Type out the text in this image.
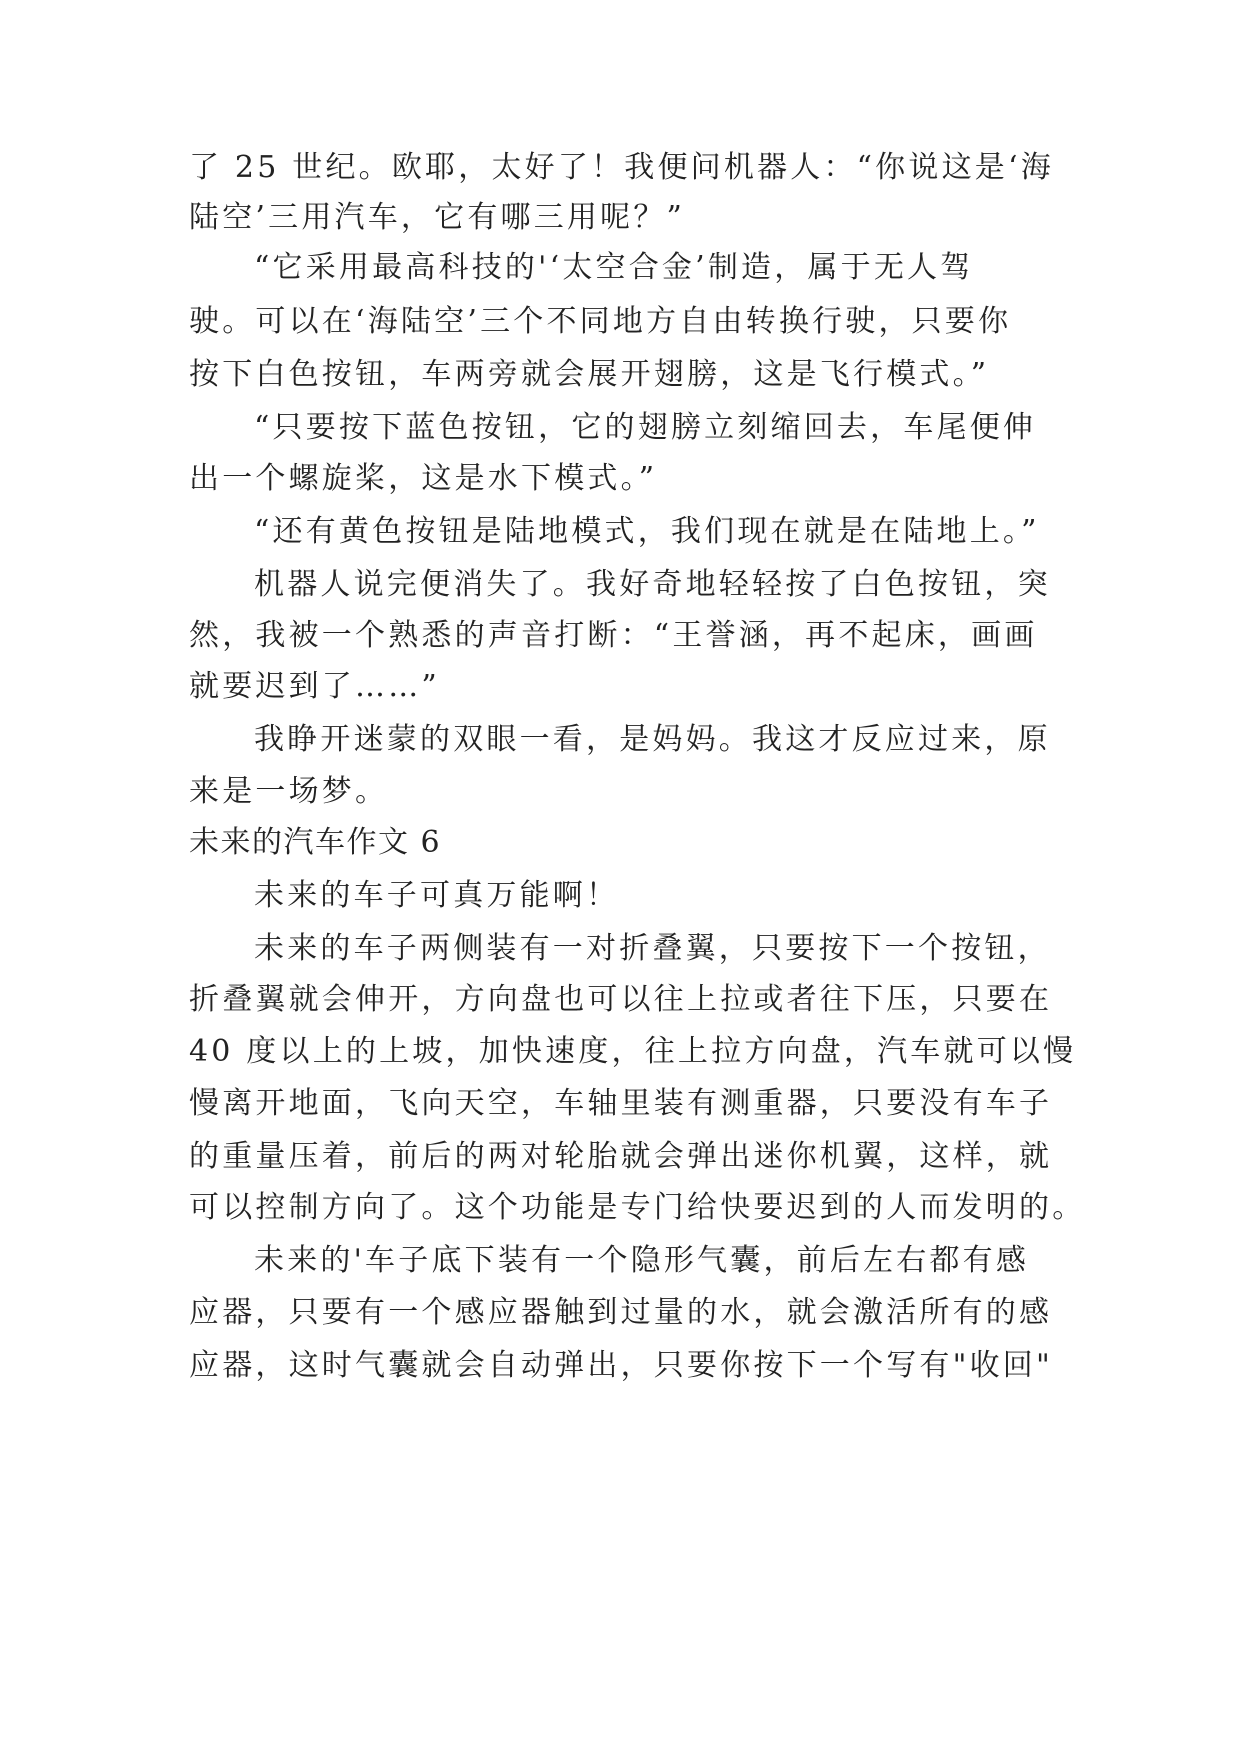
了 25 世纪。欧耶，太好了！我便问机器人：“你说这是‘海

陆空’三用汽车，它有哪三用呢？”

“它采用最高科技的'‘太空合金’制造，属于无人驾

驶。可以在‘海陆空’三个不同地方自由转换行驶，只要你

按下白色按钮，车两旁就会展开翅膀，这是飞行模式。”

“只要按下蓝色按钮，它的翅膀立刻缩回去，车尾便伸

出一个螺旋桨，这是水下模式。”

“还有黄色按钮是陆地模式，我们现在就是在陆地上。”

机器人说完便消失了。我好奇地轻轻按了白色按钮，突

然，我被一个熟悉的声音打断：“王誉涵，再不起床，画画

就要迟到了……”

我睁开迷蒙的双眼一看，是妈妈。我这才反应过来，原

来是一场梦。

未来的汽车作文 6

未来的车子可真万能啊！

未来的车子两侧装有一对折叠翼，只要按下一个按钮，

折叠翼就会伸开，方向盘也可以往上拉或者往下压，只要在

40 度以上的上坡，加快速度，往上拉方向盘，汽车就可以慢

慢离开地面，飞向天空，车轴里装有测重器，只要没有车子

的重量压着，前后的两对轮胎就会弹出迷你机翼，这样，就

可以控制方向了。这个功能是专门给快要迟到的人而发明的。

未来的'车子底下装有一个隐形气囊，前后左右都有感

应器，只要有一个感应器触到过量的水，就会激活所有的感

应器，这时气囊就会自动弹出，只要你按下一个写有"收回"
